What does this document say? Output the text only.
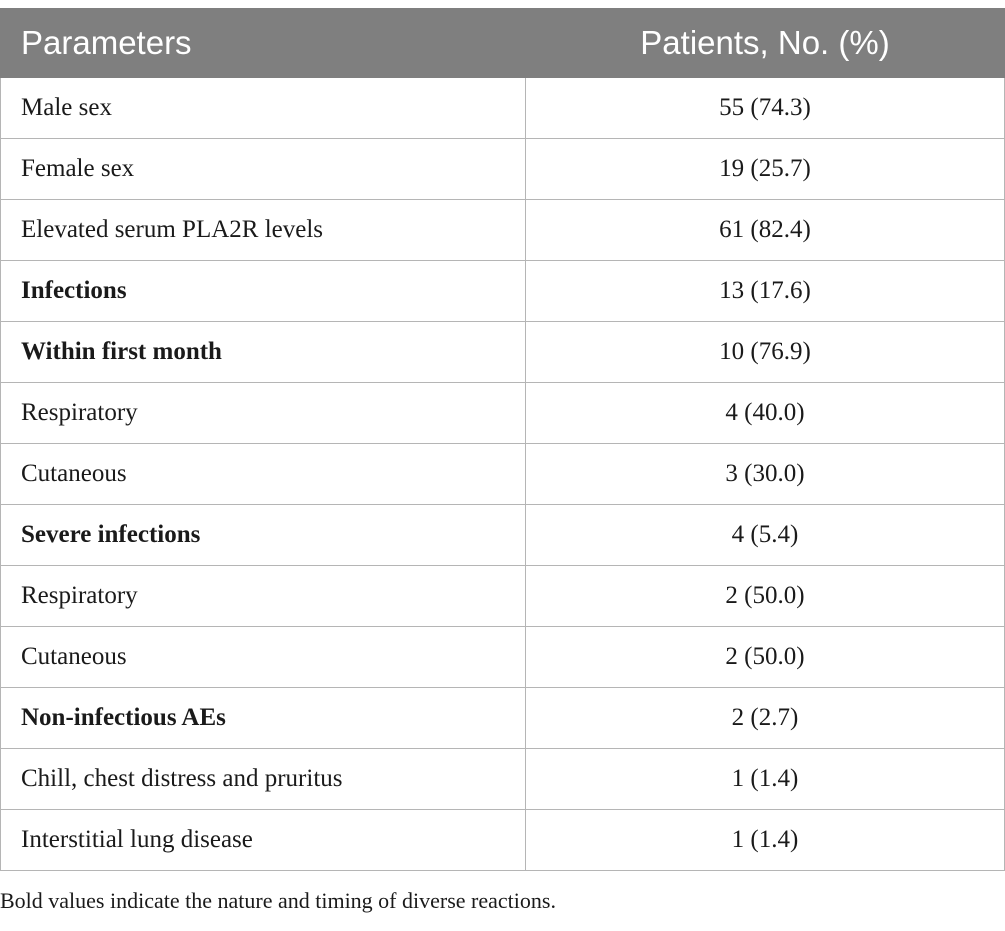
Parameters	Patients, No. (%)
Male sex	55 (74.3)
Female sex	19 (25.7)
Elevated serum PLA2R levels	61 (82.4)
Infections	13 (17.6)
Within first month	10 (76.9)
Respiratory	4 (40.0)
Cutaneous	3 (30.0)
Severe infections	4 (5.4)
Respiratory	2 (50.0)
Cutaneous	2 (50.0)
Non-infectious AEs	2 (2.7)
Chill, chest distress and pruritus	1 (1.4)
Interstitial lung disease	1 (1.4)
Bold values indicate the nature and timing of diverse reactions.
